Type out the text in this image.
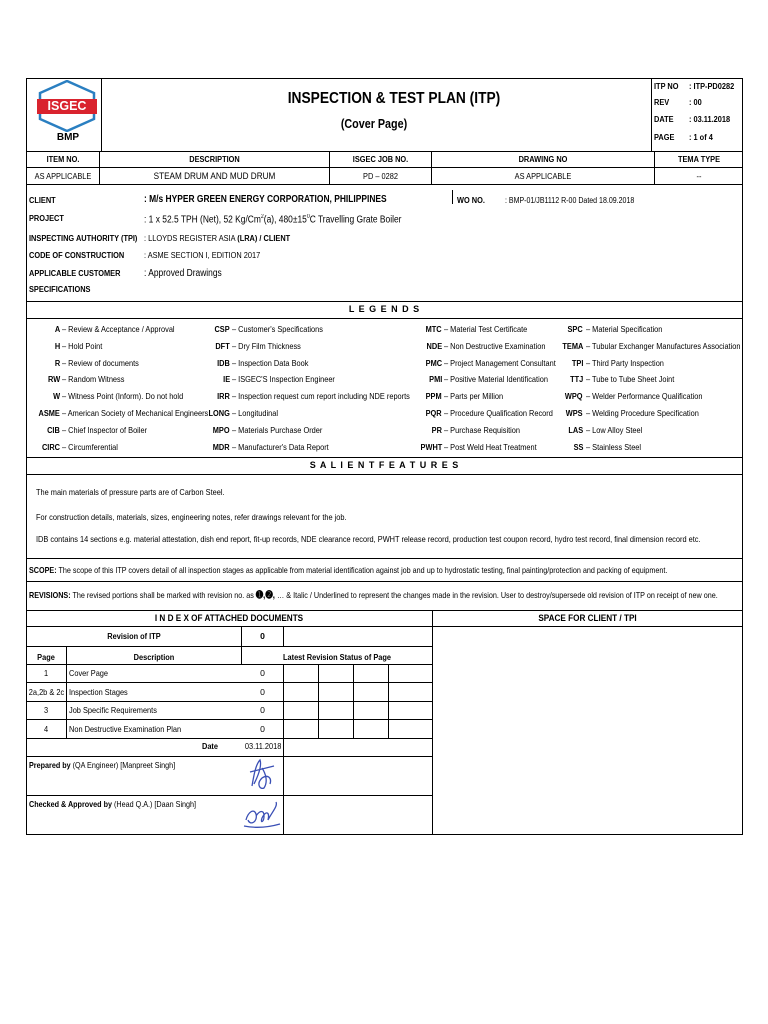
ISGEC
BMP
INSPECTION & TEST PLAN (ITP)
(Cover Page)
ITP NO : ITP-PD0282
REV : 00
DATE : 03.11.2018
PAGE : 1 of 4
ITEM NO.	DESCRIPTION	ISGEC JOB NO.	DRAWING NO	TEMA TYPE
AS APPLICABLE	STEAM DRUM AND MUD DRUM	PD – 0282	AS APPLICABLE	--
CLIENT	: M/s HYPER GREEN ENERGY CORPORATION, PHILIPPINES	WO NO. : BMP-01/JB1112 R-00 Dated 18.09.2018
PROJECT	: 1 x 52.5 TPH (Net), 52 Kg/Cm$^2$(a), $480\pm 15^0C$ Travelling Grate Boiler
INSPECTING AUTHORITY (TPI) : LLOYDS REGISTER ASIA (LRA) / CLIENT
CODE OF CONSTRUCTION : ASME SECTION I, EDITION 2017
APPLICABLE CUSTOMER
SPECIFICATIONS
: Approved Drawings
L E G E N D S
A – Review & Acceptance / Approval
H – Hold Point
R – Review of documents
RW – Random Witness
W – Witness Point (Inform). Do not hold
ASME – American Society of Mechanical Engineers
CIB – Chief Inspector of Boiler
CIRC – Circumferential
CSP – Customer's Specifications
DFT – Dry Film Thickness
IDB – Inspection Data Book
IE – ISGEC'S Inspection Engineer
IRR – Inspection request cum report including NDE reports
LONG – Longitudinal
MPO – Materials Purchase Order
MDR – Manufacturer's Data Report
MTC – Material Test Certificate
NDE – Non Destructive Examination
PMC – Project Management Consultant
PMI – Positive Material Identification
PPM – Parts per Million
PQR – Procedure Qualification Record
PR – Purchase Requisition
PWHT – Post Weld Heat Treatment
SPC – Material Specification
TEMA – Tubular Exchanger Manufactures Association
TPI – Third Party Inspection
TTJ – Tube to Tube Sheet Joint
WPQ – Welder Performance Qualification
WPS – Welding Procedure Specification
LAS – Low Alloy Steel
SS – Stainless Steel
S A L I E N T F E A T U R E S
The main materials of pressure parts are of Carbon Steel.
For construction details, materials, sizes, engineering notes, refer drawings relevant for the job.
IDB contains 14 sections e.g. material attestation, dish end report, fit-up records, NDE clearance record, PWHT release record, production test coupon record, hydro test record, final dimension record etc.
SCOPE: The scope of this ITP covers detail of all inspection stages as applicable from material identification against job and up to hydrostatic testing, final painting/protection and packing of equipment.
REVISIONS: The revised portions shall be marked with revision no. as ➊,➋, … & Italic / Underlined to represent the changes made in the revision. User to destroy/supersede old revision of ITP on receipt of new one.
I N D E X OF ATTACHED DOCUMENTS	SPACE FOR CLIENT / TPI
Revision of ITP	0
Page	Description	Latest Revision Status of Page
1	Cover Page	0
2a,2b & 2c Inspection Stages	0
3	Job Specific Requirements	0
4	Non Destructive Examination Plan	0
Date	03.11.2018
Prepared by (QA Engineer) [Manpreet Singh]
Checked & Approved by (Head Q.A.) [Daan Singh]
